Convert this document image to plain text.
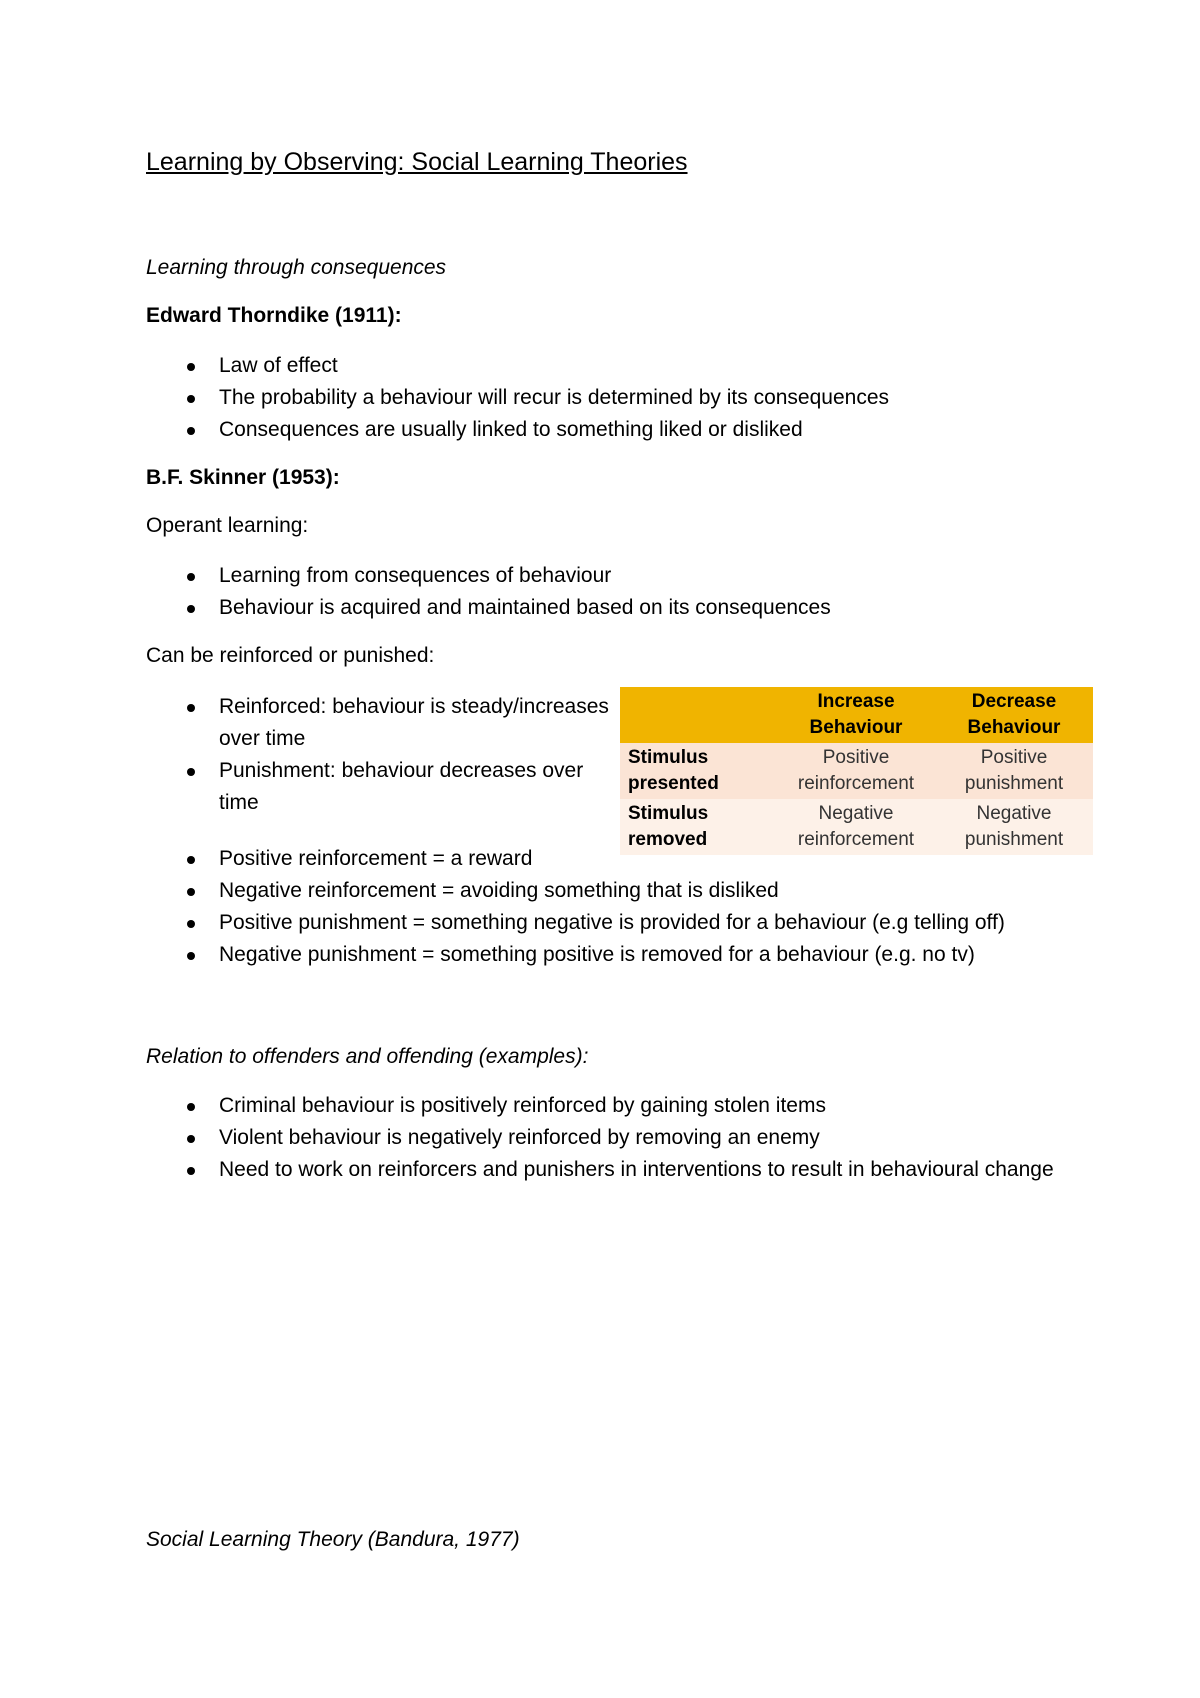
Learning by Observing: Social Learning Theories

Learning through consequences

Edward Thorndike (1911):

Law of effect
The probability a behaviour will recur is determined by its consequences
Consequences are usually linked to something liked or disliked

B.F. Skinner (1953):

Operant learning:

Learning from consequences of behaviour
Behaviour is acquired and maintained based on its consequences

Can be reinforced or punished:

Reinforced: behaviour is steady/increases over time
Punishment: behaviour decreases over time
	Increase Behaviour	Decrease Behaviour
Stimulus presented	Positive reinforcement	Positive punishment
Stimulus removed	Negative reinforcement	Negative punishment
Positive reinforcement = a reward
Negative reinforcement = avoiding something that is disliked
Positive punishment = something negative is provided for a behaviour (e.g telling off)
Negative punishment = something positive is removed for a behaviour (e.g. no tv)

Relation to offenders and offending (examples):

Criminal behaviour is positively reinforced by gaining stolen items
Violent behaviour is negatively reinforced by removing an enemy
Need to work on reinforcers and punishers in interventions to result in behavioural change

Social Learning Theory (Bandura, 1977)
